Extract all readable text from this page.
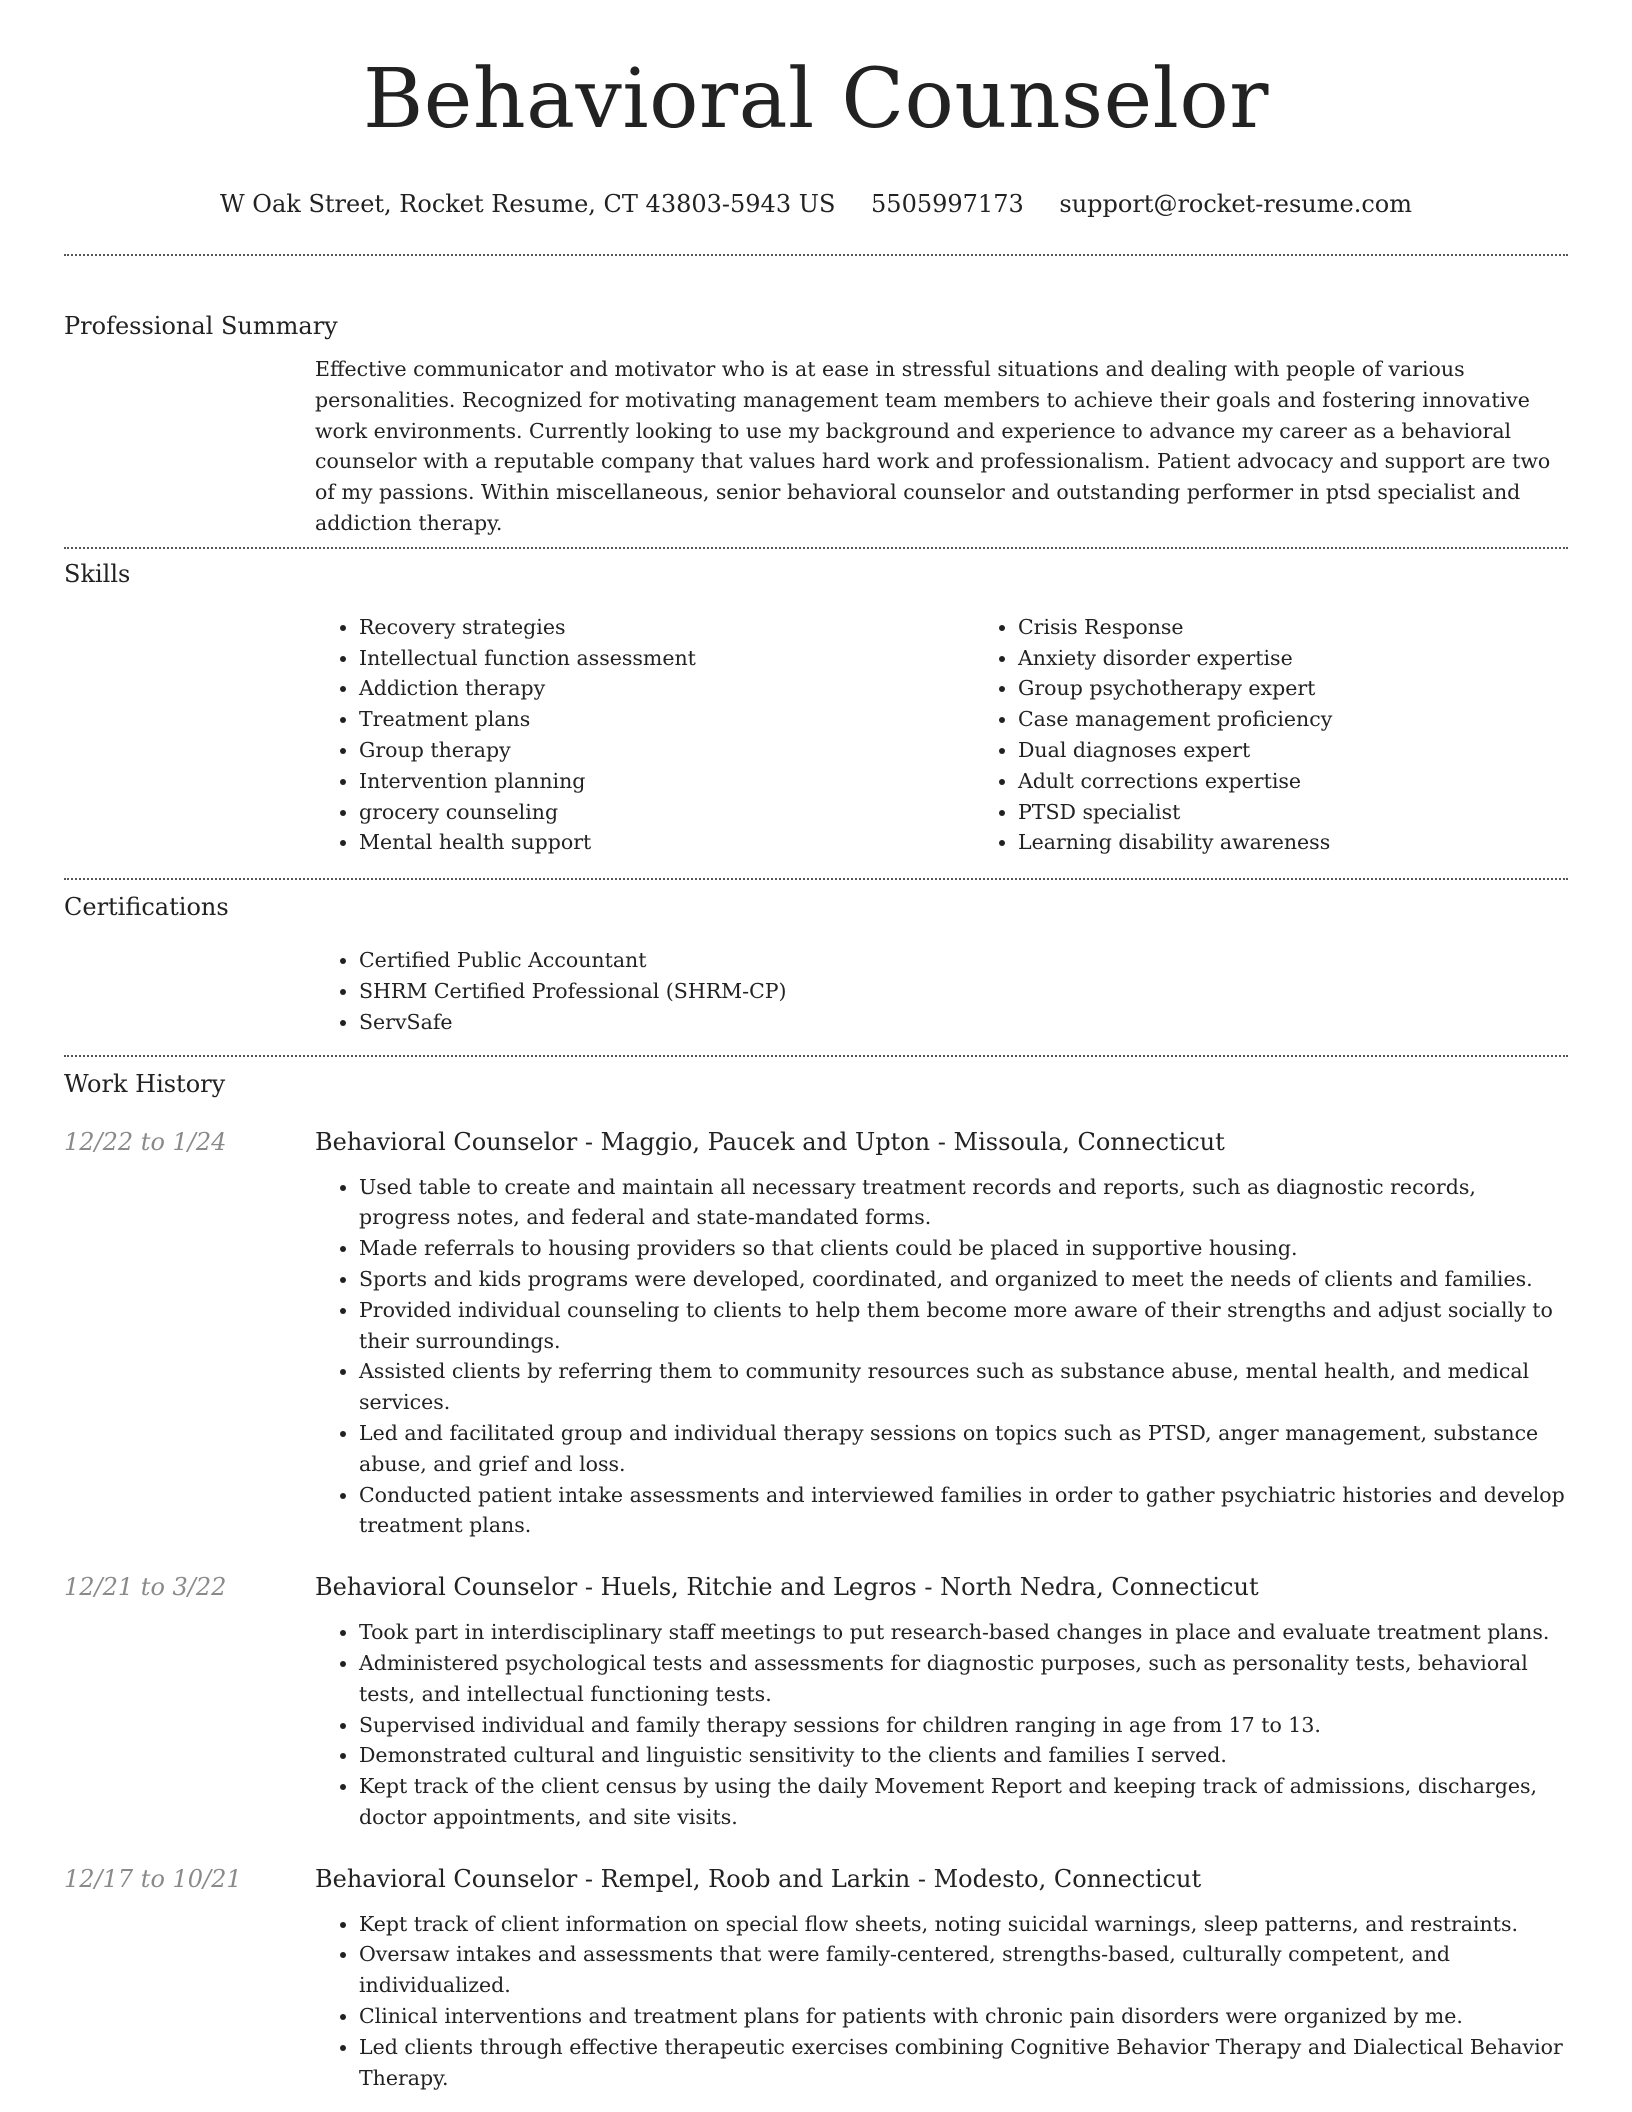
Behavioral Counselor
W Oak Street, Rocket Resume, CT 43803-5943 US 5505997173 support@rocket-resume.com
Professional Summary

Effective communicator and motivator who is at ease in stressful situations and dealing with people of various personalities. Recognized for motivating management team members to achieve their goals and fostering innovative work environments. Currently looking to use my background and experience to advance my career as a behavioral counselor with a reputable company that values hard work and professionalism. Patient advocacy and support are two of my passions. Within miscellaneous, senior behavioral counselor and outstanding performer in ptsd specialist and addiction therapy.

Skills
• Recovery strategies
• Intellectual function assessment
• Addiction therapy
• Treatment plans
• Group therapy
• Intervention planning
• grocery counseling
• Mental health support
• Crisis Response
• Anxiety disorder expertise
• Group psychotherapy expert
• Case management proficiency
• Dual diagnoses expert
• Adult corrections expertise
• PTSD specialist
• Learning disability awareness
Certifications
• Certified Public Accountant
• SHRM Certified Professional (SHRM-CP)
• ServSafe
Work History
12/22 to 1/24	Behavioral Counselor - Maggio, Paucek and Upton - Missoula, Connecticut

• Used table to create and maintain all necessary treatment records and reports, such as diagnostic records, progress notes, and federal and state-mandated forms.
• Made referrals to housing providers so that clients could be placed in supportive housing.
• Sports and kids programs were developed, coordinated, and organized to meet the needs of clients and families.
• Provided individual counseling to clients to help them become more aware of their strengths and adjust socially to their surroundings.
• Assisted clients by referring them to community resources such as substance abuse, mental health, and medical services.
• Led and facilitated group and individual therapy sessions on topics such as PTSD, anger management, substance abuse, and grief and loss.
• Conducted patient intake assessments and interviewed families in order to gather psychiatric histories and develop treatment plans.
12/21 to 3/22	Behavioral Counselor - Huels, Ritchie and Legros - North Nedra, Connecticut

• Took part in interdisciplinary staff meetings to put research-based changes in place and evaluate treatment plans.
• Administered psychological tests and assessments for diagnostic purposes, such as personality tests, behavioral tests, and intellectual functioning tests.
• Supervised individual and family therapy sessions for children ranging in age from 17 to 13.
• Demonstrated cultural and linguistic sensitivity to the clients and families I served.
• Kept track of the client census by using the daily Movement Report and keeping track of admissions, discharges, doctor appointments, and site visits.
12/17 to 10/21	Behavioral Counselor - Rempel, Roob and Larkin - Modesto, Connecticut

• Kept track of client information on special flow sheets, noting suicidal warnings, sleep patterns, and restraints.
• Oversaw intakes and assessments that were family-centered, strengths-based, culturally competent, and individualized.
• Clinical interventions and treatment plans for patients with chronic pain disorders were organized by me.
• Led clients through effective therapeutic exercises combining Cognitive Behavior Therapy and Dialectical Behavior Therapy.
